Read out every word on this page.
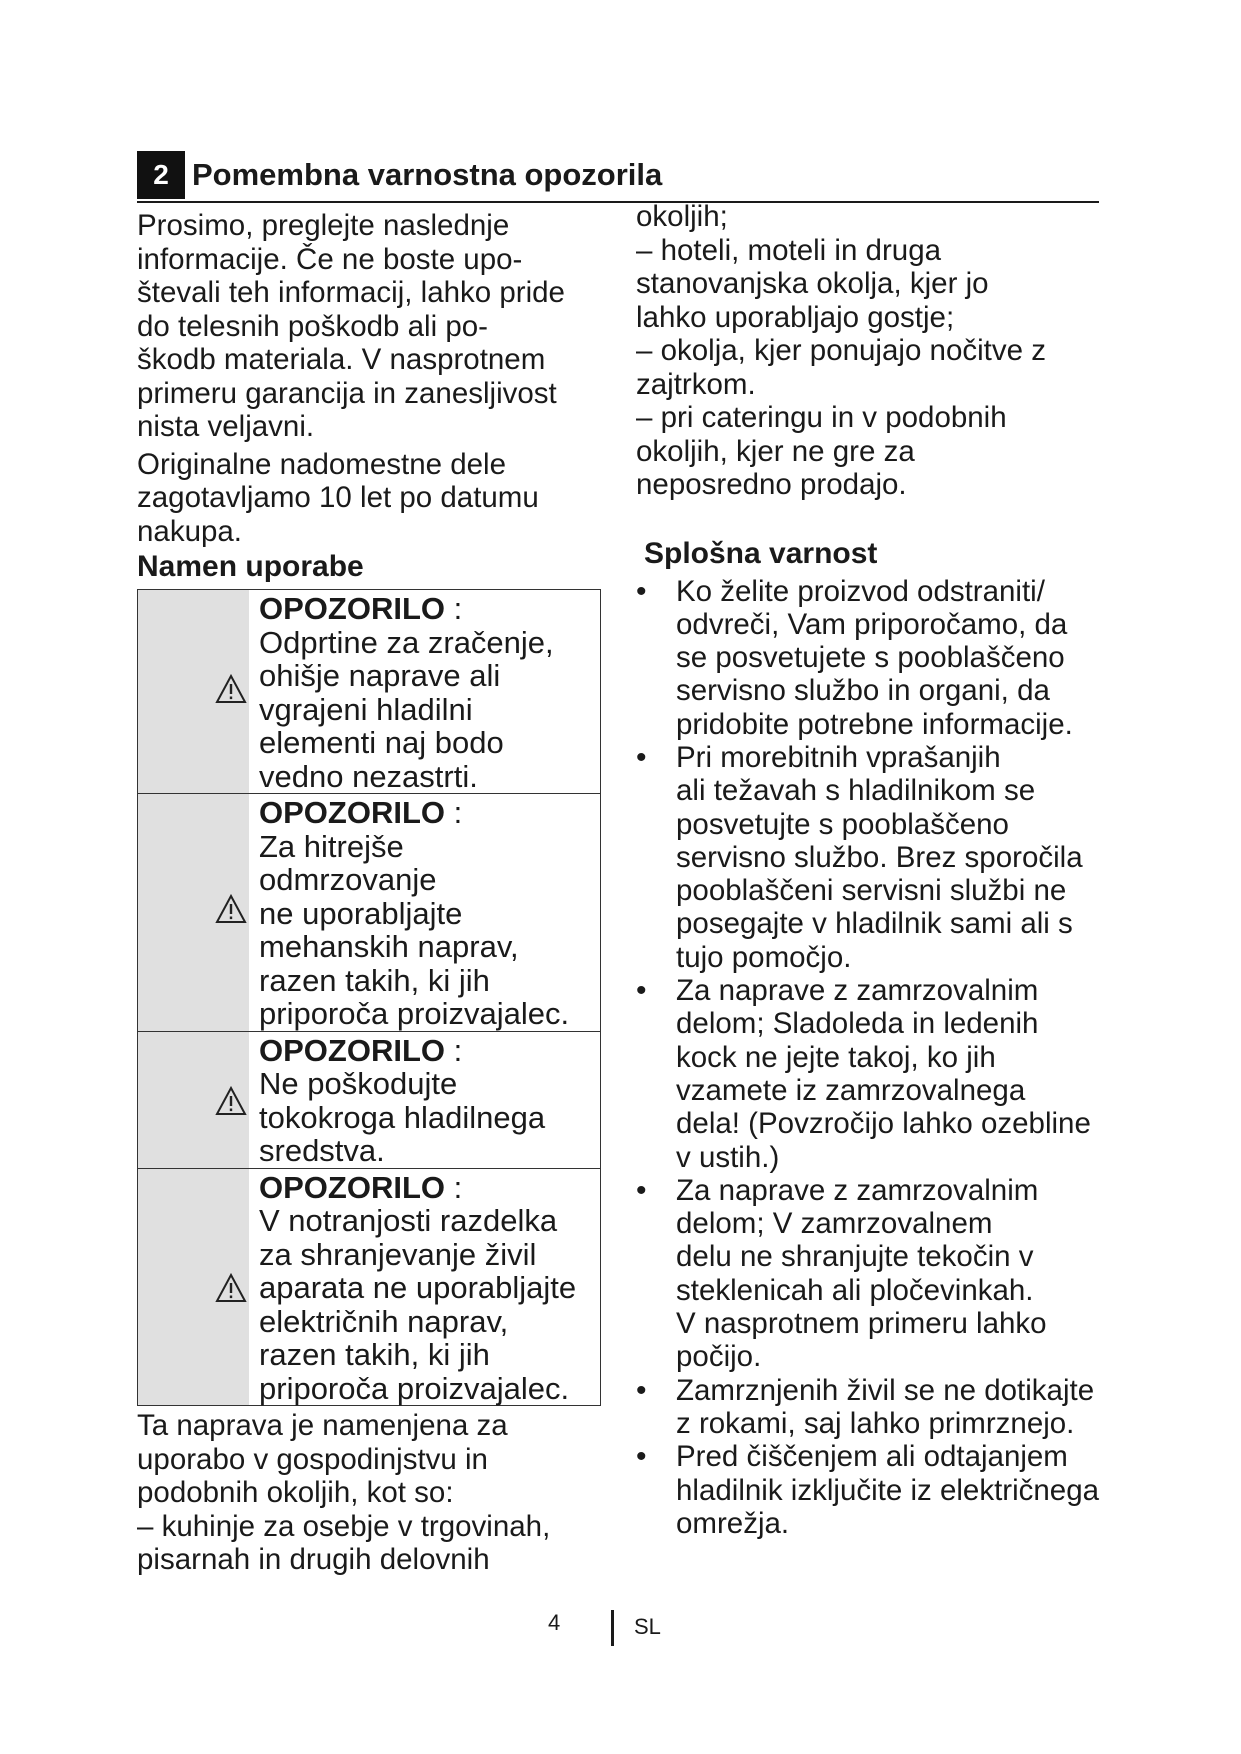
2 Pomembna varnostna opozorila

Prosimo, preglejte naslednje
informacije. Če ne boste upo-
števali teh informacij, lahko pride
do telesnih poškodb ali po-
škodb materiala. V nasprotnem
primeru garancija in zanesljivost
nista veljavni.

Originalne nadomestne dele
zagotavljamo 10 let po datumu
nakupa.

Namen uporabe
OPOZORILO :
Odprtine za zračenje,
ohišje naprave ali
vgrajeni hladilni
elementi naj bodo
vedno nezastrti.
OPOZORILO :
Za hitrejše
odmrzovanje
ne uporabljajte
mehanskih naprav,
razen takih, ki jih
priporoča proizvajalec.
OPOZORILO :
Ne poškodujte
tokokroga hladilnega
sredstva.
OPOZORILO :
V notranjosti razdelka
za shranjevanje živil
aparata ne uporabljajte
električnih naprav,
razen takih, ki jih
priporoča proizvajalec.

Ta naprava je namenjena za
uporabo v gospodinjstvu in
podobnih okoljih, kot so:
– kuhinje za osebje v trgovinah,
pisarnah in drugih delovnih

okoljih;
– hoteli, moteli in druga
stanovanjska okolja, kjer jo
lahko uporabljajo gostje;
– okolja, kjer ponujajo nočitve z
zajtrkom.
– pri cateringu in v podobnih
okoljih, kjer ne gre za
neposredno prodajo.

Splošna varnost
• Ko želite proizvod odstraniti/
odvreči, Vam priporočamo, da
se posvetujete s pooblaščeno
servisno službo in organi, da
pridobite potrebne informacije.
• Pri morebitnih vprašanjih
ali težavah s hladilnikom se
posvetujte s pooblaščeno
servisno službo. Brez sporočila
pooblaščeni servisni službi ne
posegajte v hladilnik sami ali s
tujo pomočjo.
• Za naprave z zamrzovalnim
delom; Sladoleda in ledenih
kock ne jejte takoj, ko jih
vzamete iz zamrzovalnega
dela! (Povzročijo lahko ozebline
v ustih.)
• Za naprave z zamrzovalnim
delom; V zamrzovalnem
delu ne shranjujte tekočin v
steklenicah ali pločevinkah.
V nasprotnem primeru lahko
počijo.
• Zamrznjenih živil se ne dotikajte
z rokami, saj lahko primrznejo.
• Pred čiščenjem ali odtajanjem
hladilnik izključite iz električnega
omrežja.
4	SL
